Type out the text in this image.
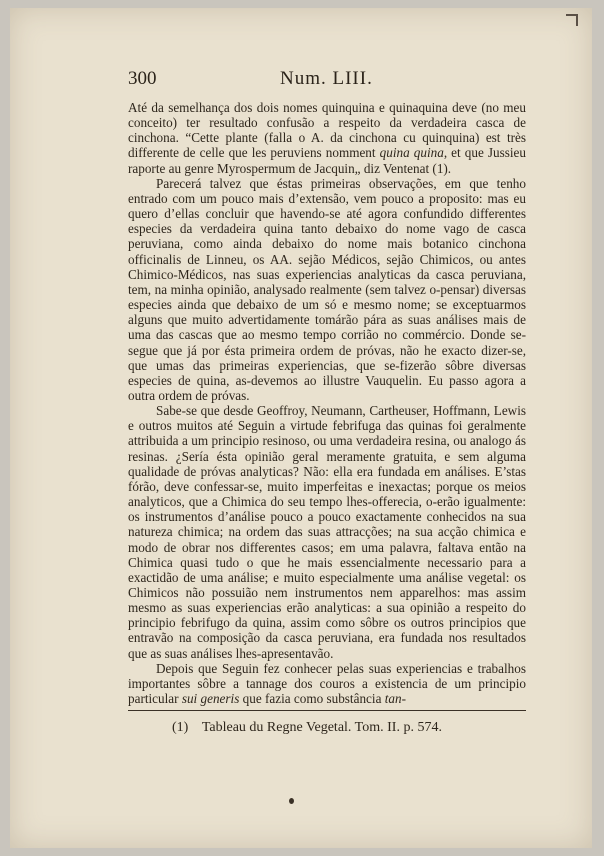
300	Num. LIII.

Até da semelhança dos dois nomes quinquina e quinaquina deve (no meu conceito) ter resultado confusão a respeito da verdadeira casca de cinchona. “Cette plante (falla o A. da cinchona cu quinquina) est très differente de celle que les peruviens nomment quina quina, et que Jussieu raporte au genre Myrospermum de Jacquin„ diz Ventenat (1).

Parecerá talvez que éstas primeiras observações, em que tenho entrado com um pouco mais d’extensão, vem pouco a proposito: mas eu quero d’ellas concluir que havendo-se até agora confundido differentes especies da verdadeira quina tanto debaixo do nome vago de casca peruviana, como ainda debaixo do nome mais botanico cinchona officinalis de Linneu, os AA. sejão Médicos, sejão Chimicos, ou antes Chimico-Médicos, nas suas experiencias analyticas da casca peruviana, tem, na minha opinião, analysado realmente (sem talvez o-pensar) diversas especies ainda que debaixo de um só e mesmo nome; se exceptuarmos alguns que muito advertidamente tomárão pára as suas análises mais de uma das cascas que ao mesmo tempo corrião no commércio. Donde se-segue que já por ésta primeira ordem de próvas, não he exacto dizer-se, que umas das primeiras experiencias, que se-fizerão sôbre diversas especies de quina, as-devemos ao illustre Vauquelin. Eu passo agora a outra ordem de próvas.

Sabe-se que desde Geoffroy, Neumann, Cartheuser, Hoffmann, Lewis e outros muitos até Seguin a virtude febrifuga das quinas foi geralmente attribuida a um principio resinoso, ou uma verdadeira resina, ou analogo ás resinas. ¿Sería ésta opinião geral meramente gratuita, e sem alguma qualidade de próvas analyticas? Não: ella era fundada em análises. E’stas fórão, deve confessar-se, muito imperfeitas e inexactas; porque os meios analyticos, que a Chimica do seu tempo lhes-offerecia, o-erão igualmente: os instrumentos d’análise pouco a pouco exactamente conhecidos na sua natureza chimica; na ordem das suas attracções; na sua acção chimica e modo de obrar nos differentes casos; em uma palavra, faltava então na Chimica quasi tudo o que he mais essencialmente necessario para a exactidão de uma análise; e muito especialmente uma análise vegetal: os Chimicos não possuião nem instrumentos nem apparelhos: mas assim mesmo as suas experiencias erão analyticas: a sua opinião a respeito do principio febrifugo da quina, assim como sôbre os outros principios que entravão na composição da casca peruviana, era fundada nos resultados que as suas análises lhes-apresentavão.

Depois que Seguin fez conhecer pelas suas experiencias e trabalhos importantes sôbre a tannage dos couros a existencia de um principio particular sui generis que fazia como substância tan-

(1) Tableau du Regne Vegetal. Tom. II. p. 574.
